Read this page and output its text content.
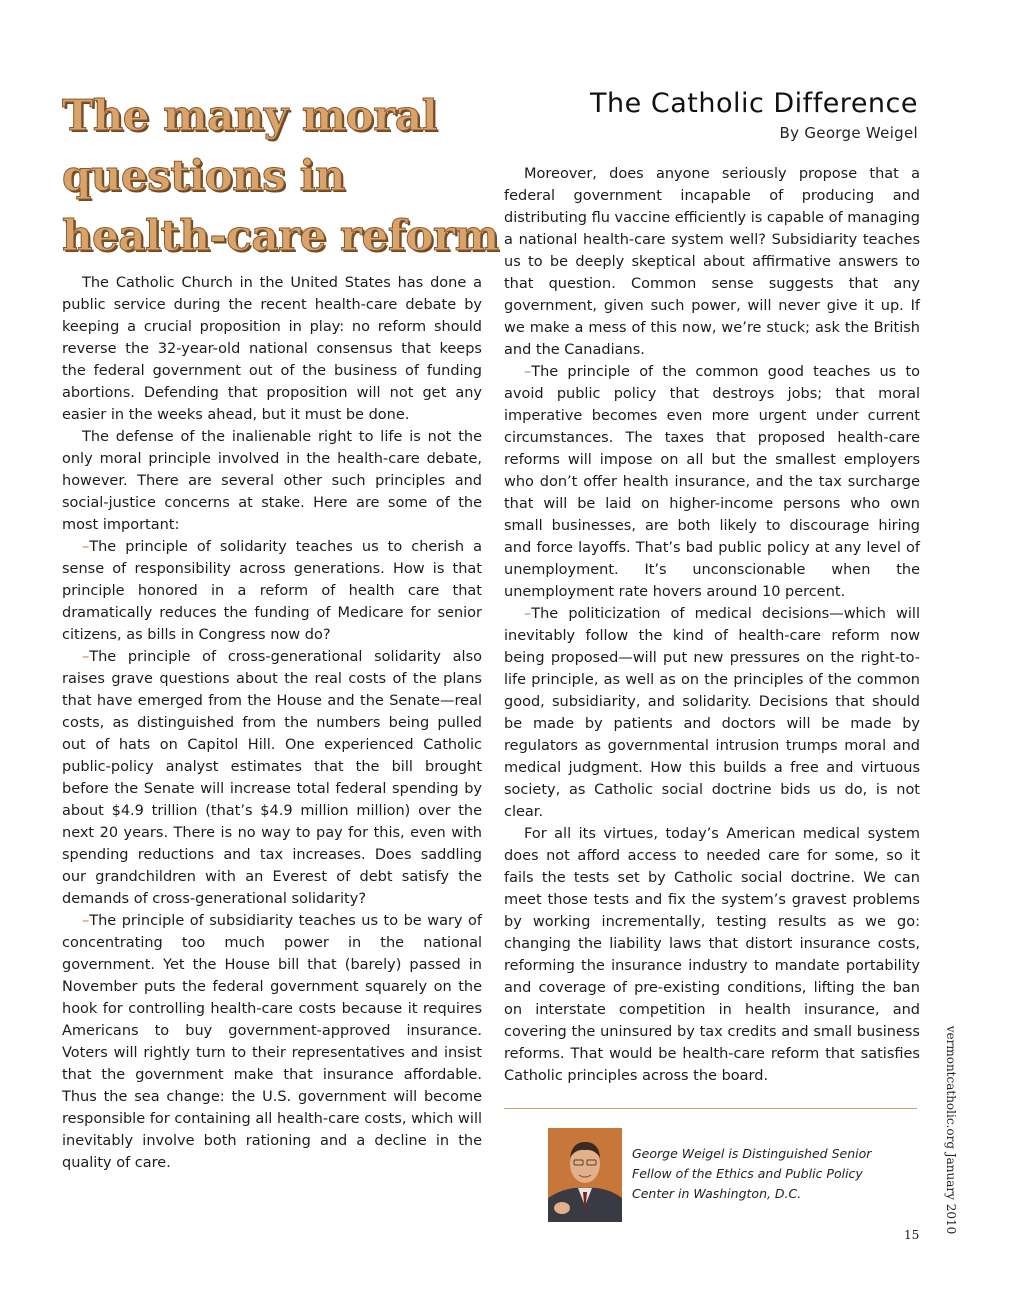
The many moral
questions in
health-care reform
The Catholic Difference
By George Weigel

The Catholic Church in the United States has done a public service during the recent health-care debate by keeping a crucial proposition in play: no reform should reverse the 32-year-old national consensus that keeps the federal government out of the business of funding abortions. Defending that proposition will not get any easier in the weeks ahead, but it must be done.

The defense of the inalienable right to life is not the only moral principle involved in the health-care debate, however. There are several other such principles and social-justice concerns at stake. Here are some of the most important:

–The principle of solidarity teaches us to cherish a sense of responsibility across generations. How is that principle honored in a reform of health care that dramatically reduces the funding of Medicare for senior citizens, as bills in Congress now do?

–The principle of cross-generational solidarity also raises grave questions about the real costs of the plans that have emerged from the House and the Senate—real costs, as distinguished from the numbers being pulled out of hats on Capitol Hill. One experienced Catholic public-policy analyst estimates that the bill brought before the Senate will increase total federal spending by about $4.9 trillion (that’s $4.9 million million) over the next 20 years. There is no way to pay for this, even with spending reductions and tax increases. Does saddling our grandchildren with an Everest of debt satisfy the demands of cross-generational solidarity?

–The principle of subsidiarity teaches us to be wary of concentrating too much power in the national government. Yet the House bill that (barely) passed in November puts the federal government squarely on the hook for controlling health-care costs because it requires Americans to buy government-approved insurance. Voters will rightly turn to their representatives and insist that the government make that insurance affordable. Thus the sea change: the U.S. government will become responsible for containing all health-care costs, which will inevitably involve both rationing and a decline in the quality of care.

Moreover, does anyone seriously propose that a federal government incapable of producing and distributing flu vaccine efficiently is capable of managing a national health-care system well? Subsidiarity teaches us to be deeply skeptical about affirmative answers to that question. Common sense suggests that any government, given such power, will never give it up. If we make a mess of this now, we’re stuck; ask the British and the Canadians.

–The principle of the common good teaches us to avoid public policy that destroys jobs; that moral imperative becomes even more urgent under current circumstances. The taxes that proposed health-care reforms will impose on all but the smallest employers who don’t offer health insurance, and the tax surcharge that will be laid on higher-income persons who own small businesses, are both likely to discourage hiring and force layoffs. That’s bad public policy at any level of unemployment. It’s unconscionable when the unemployment rate hovers around 10 percent.

–The politicization of medical decisions—which will inevitably follow the kind of health-care reform now being proposed—will put new pressures on the right-to-life principle, as well as on the principles of the common good, subsidiarity, and solidarity. Decisions that should be made by patients and doctors will be made by regulators as governmental intrusion trumps moral and medical judgment. How this builds a free and virtuous society, as Catholic social doctrine bids us do, is not clear.

For all its virtues, today’s American medical system does not afford access to needed care for some, so it fails the tests set by Catholic social doctrine. We can meet those tests and fix the system’s gravest problems by working incrementally, testing results as we go: changing the liability laws that distort insurance costs, reforming the insurance industry to mandate portability and coverage of pre-existing conditions, lifting the ban on interstate competition in health insurance, and covering the uninsured by tax credits and small business reforms. That would be health-care reform that satisfies Catholic principles across the board.

George Weigel is Distinguished Senior Fellow of the Ethics and Public Policy Center in Washington, D.C.	vermontcatholic.org January 2010
15
